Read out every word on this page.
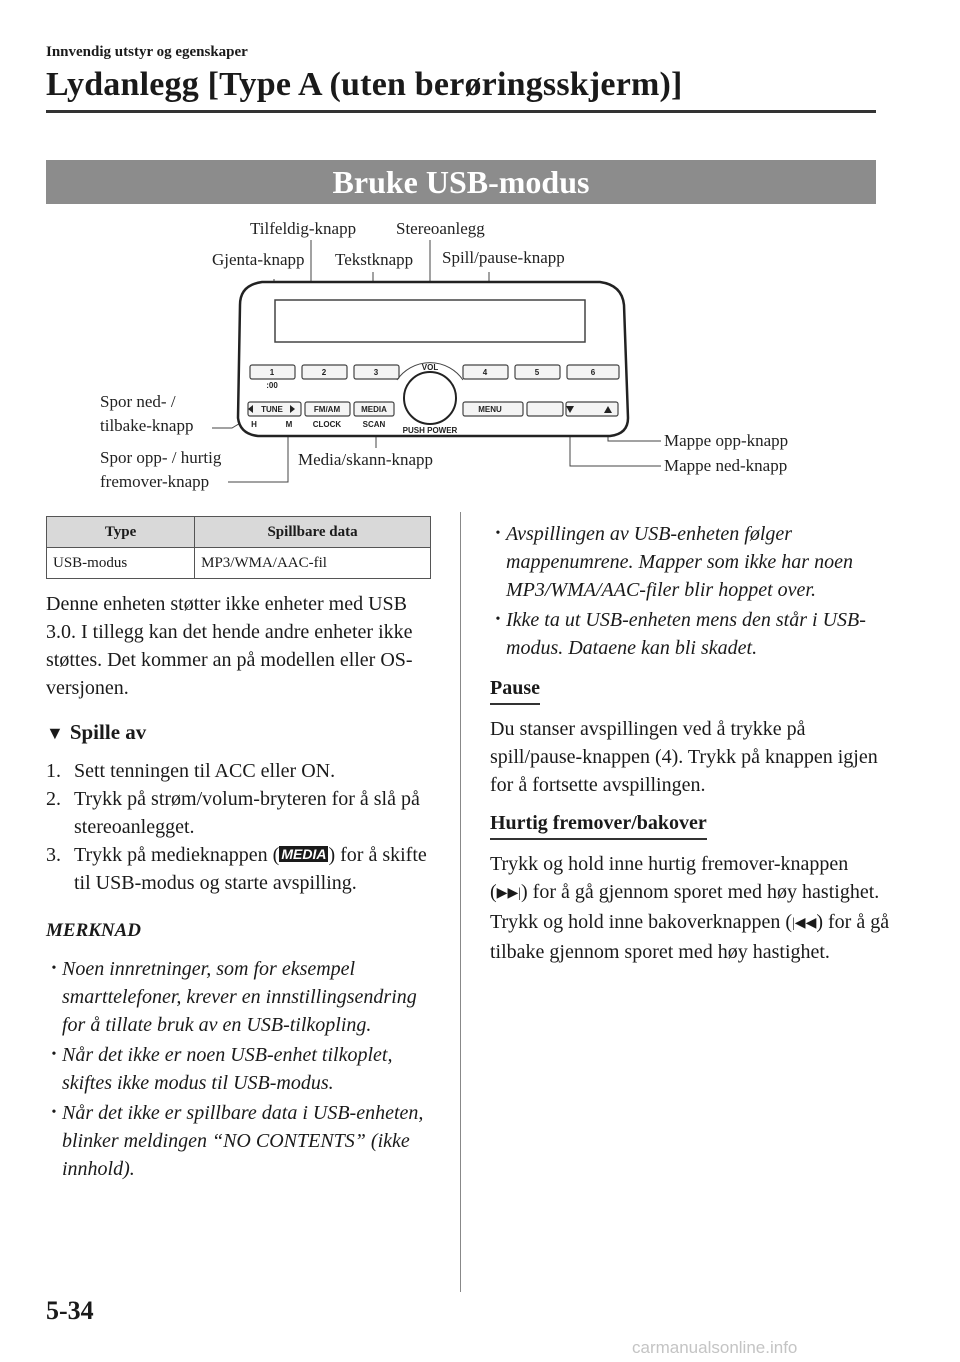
Innvendig utstyr og egenskaper
Lydanlegg [Type A (uten berøringsskjerm)]
Bruke USB-modus
Tilfeldig-knapp Stereoanlegg
Gjenta-knapp Tekstknapp Spill/pause-knapp
Spor ned- /
tilbake-knapp
Spor opp- / hurtig
fremover-knapp
Media/skann-knapp
Mappe opp-knapp
Mappe ned-knapp
1	2	3	4	5	6
:00
TUNE	FM/AM	MEDIA	MENU
H	M	CLOCK	SCAN
VOL
PUSH POWER
Type	Spillbare data
USB-modus	MP3/WMA/AAC-fil

Denne enheten støtter ikke enheter med USB 3.0. I tillegg kan det hende andre enheter ikke støttes. Det kommer an på modellen eller OS-versjonen.

▼ Spille av
1. Sett tenningen til ACC eller ON.
2. Trykk på strøm/volum-bryteren for å slå på stereoanlegget.
3. Trykk på medieknappen ( MEDIA ) for å skifte til USB-modus og starte avspilling.
MERKNAD
• Noen innretninger, som for eksempel smarttelefoner, krever en innstillingsendring for å tillate bruk av en USB-tilkopling.
• Når det ikke er noen USB-enhet tilkoplet, skiftes ikke modus til USB-modus.
• Når det ikke er spillbare data i USB-enheten, blinker meldingen “NO CONTENTS” (ikke innhold).
• Avspillingen av USB-enheten følger mappenumrene. Mapper som ikke har noen MP3/WMA/AAC-filer blir hoppet over.
• Ikke ta ut USB-enheten mens den står i USB-modus. Dataene kan bli skadet.
Pause

Du stanser avspillingen ved å trykke på spill/pause-knappen (4). Trykk på knappen igjen for å fortsette avspillingen.

Hurtig fremover/bakover

Trykk og hold inne hurtig fremover-knappen (▶▶|) for å gå gjennom sporet med høy hastighet.

Trykk og hold inne bakoverknappen (|◀◀) for å gå tilbake gjennom sporet med høy hastighet.

5-34
carmanualsonline.info
